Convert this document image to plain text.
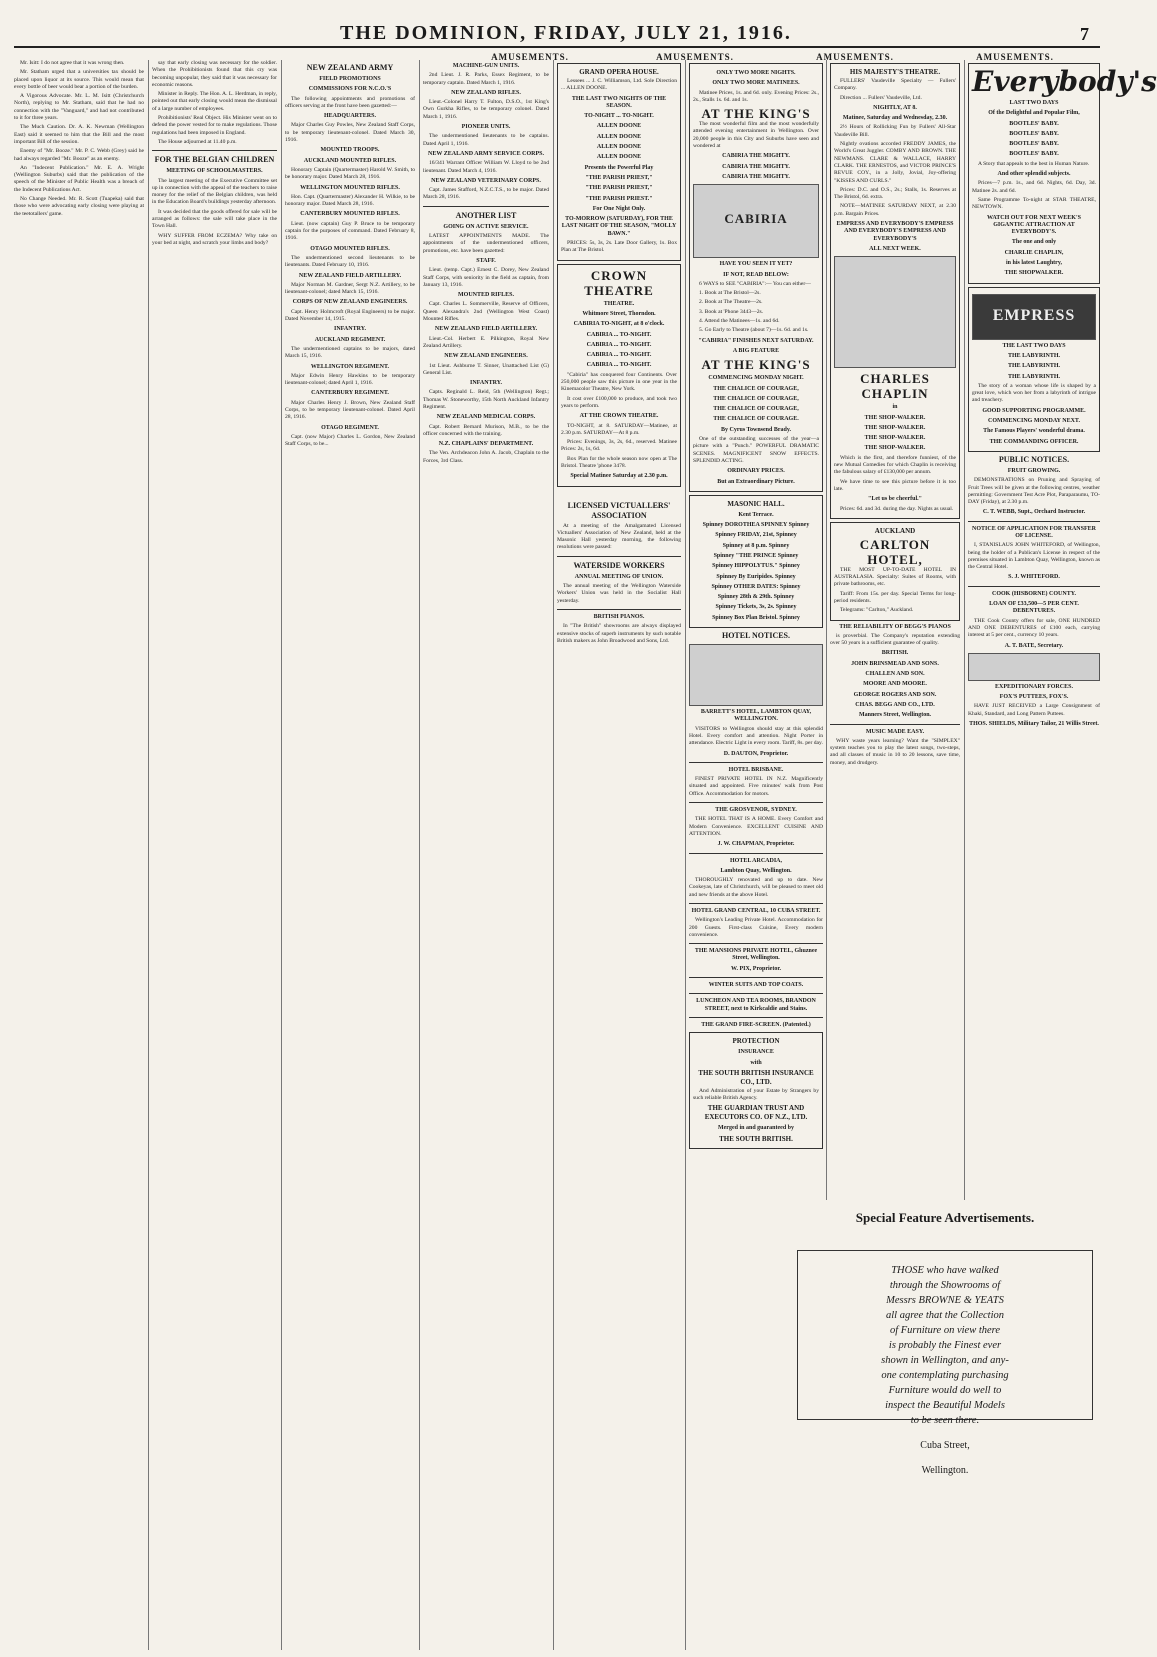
THE DOMINION, FRIDAY, JULY 21, 1916.	7
AMUSEMENTS.	AMUSEMENTS.	AMUSEMENTS.	AMUSEMENTS.

Mr. Isitt: I do not agree that it was wrong then.

Mr. Statham urged that a universities tax should be placed upon liquor at its source. This would mean that every bottle of beer would bear a portion of the burden.

A Vigorous Advocate. Mr. L. M. Isitt (Christchurch North), replying to Mr. Statham, said that he had no connection with the "Vanguard," and had not contributed to it for three years.

The Much Caution. Dr. A. K. Newman (Wellington East) said it seemed to him that the Bill and the most important Bill of the session.

Enemy of "Mr. Booze." Mr. P. C. Webb (Grey) said he had always regarded "Mr. Booze" as an enemy.

An "Indecent Publication." Mr. E. A. Wright (Wellington Suburbs) said that the publication of the speech of the Minister of Public Health was a breach of the Indecent Publications Act.

No Change Needed. Mr. R. Scott (Tuapeka) said that those who were advocating early closing were playing at the teetotallers' game.

say that early closing was necessary for the soldier. When the Prohibitionists found that this cry was becoming unpopular, they said that it was necessary for economic reasons.

Minister in Reply. The Hon. A. L. Herdman, in reply, pointed out that early closing would mean the dismissal of a large number of employees.

Prohibitionists' Real Object. His Minister went on to defend the power vested for to make regulations. Those regulations had been imposed in England.

The House adjourned at 11.40 p.m.

FOR THE BELGIAN CHILDREN
MEETING OF SCHOOLMASTERS.

The largest meeting of the Executive Committee set up in connection with the appeal of the teachers to raise money for the relief of the Belgian children, was held in the Education Board's buildings yesterday afternoon.

It was decided that the goods offered for sale will be arranged as follows: the sale will take place in the Town Hall.

WHY SUFFER FROM ECZEMA? Why take on your bed at night, and scratch your limbs and body?

NEW ZEALAND ARMY
FIELD PROMOTIONS
COMMISSIONS FOR N.C.O.'S

The following appointments and promotions of officers serving at the front have been gazetted:—

HEADQUARTERS.

Major Charles Guy Powles, New Zealand Staff Corps, to be temporary lieutenant-colonel. Dated March 30, 1916.

MOUNTED TROOPS.
AUCKLAND MOUNTED RIFLES.

Honorary Captain (Quartermaster) Harold W. Smith, to be honorary major. Dated March 28, 1916.

WELLINGTON MOUNTED RIFLES.

Hon. Capt. (Quartermaster) Alexander H. Wilkie, to be honorary major. Dated March 28, 1916.

CANTERBURY MOUNTED RIFLES.

Lieut. (now captain) Guy P. Bruce to be temporary captain for the purposes of command. Dated February 8, 1916.

OTAGO MOUNTED RIFLES.

The undermentioned second lieutenants to be lieutenants. Dated February 10, 1916.

NEW ZEALAND FIELD ARTILLERY.

Major Norman M. Gardner, Sergt N.Z. Artillery, to be lieutenant-colonel; dated March 15, 1916.

CORPS OF NEW ZEALAND ENGINEERS.

Capt. Henry Holmcroft (Royal Engineers) to be major. Dated November 14, 1915.

INFANTRY.
AUCKLAND REGIMENT.

The undermentioned captains to be majors, dated March 15, 1916.

WELLINGTON REGIMENT.

Major Edwin Henry Hawkins to be temporary lieutenant-colonel; dated April 1, 1916.

CANTERBURY REGIMENT.

Major Charles Henry J. Brown, New Zealand Staff Corps, to be temporary lieutenant-colonel. Dated April 28, 1916.

OTAGO REGIMENT.

Capt. (now Major) Charles L. Gordon, New Zealand Staff Corps, to be...

MACHINE-GUN UNITS.

2nd Lieut. J. R. Parks, Essex Regiment, to be temporary captain. Dated March 1, 1916.

NEW ZEALAND RIFLES.

Lieut.-Colonel Harry T. Fulton, D.S.O., 1st King's Own Gurkha Rifles, to be temporary colonel. Dated March 1, 1916.

PIONEER UNITS.

The undermentioned lieutenants to be captains. Dated April 1, 1916.

NEW ZEALAND ARMY SERVICE CORPS.

16/341 Warrant Officer William W. Lloyd to be 2nd lieutenant. Dated March 4, 1916.

NEW ZEALAND VETERINARY CORPS.

Capt. James Stafford, N.Z.C.T.S., to be major. Dated March 28, 1916.

ANOTHER LIST
GOING ON ACTIVE SERVICE.

LATEST APPOINTMENTS MADE. The appointments of the undermentioned officers, promotions, etc. have been gazetted:

STAFF.

Lieut. (temp. Capt.) Ernest C. Dorey, New Zealand Staff Corps, with seniority in the field as captain, from January 13, 1916.

MOUNTED RIFLES.

Capt. Charles L. Sommerville, Reserve of Officers, Queen Alexandra's 2nd (Wellington West Coast) Mounted Rifles.

NEW ZEALAND FIELD ARTILLERY.

Lieut.-Col. Herbert E. Pilkington, Royal New Zealand Artillery.

NEW ZEALAND ENGINEERS.

1st Lieut. Ashburne T. Sinner, Unattached List (G) General List.

INFANTRY.

Capts. Reginald L. Reid, 5th (Wellington) Regt.; Thomas W. Stoneworthy, 15th North Auckland Infantry Regiment.

NEW ZEALAND MEDICAL CORPS.

Capt. Robert Bernard Murison, M.B., to be the officer concerned with the training.

N.Z. CHAPLAINS' DEPARTMENT.

The Ven. Archdeacon John A. Jacob, Chaplain to the Forces, 3rd Class.

GRAND OPERA HOUSE.

Lessees ... J. C. Williamson, Ltd. Sole Direction ... ALLEN DOONE.

THE LAST TWO NIGHTS OF THE SEASON.
TO-NIGHT ... TO-NIGHT.
ALLEN DOONE
ALLEN DOONE
ALLEN DOONE
ALLEN DOONE
Presents the Powerful Play
"THE PARISH PRIEST,"
"THE PARISH PRIEST,"
"THE PARISH PRIEST."
For One Night Only.
TO-MORROW (SATURDAY), FOR THE LAST NIGHT OF THE SEASON, "MOLLY BAWN."

PRICES: 5s, 3s, 2s. Late Door Gallery, 1s. Box Plan at The Bristol.

CROWN THEATRE
THEATRE.
Whitmore Street, Thorndon.
CABIRIA TO-NIGHT, at 8 o'clock.
CABIRIA ... TO-NIGHT.
CABIRIA ... TO-NIGHT.
CABIRIA ... TO-NIGHT.
CABIRIA ... TO-NIGHT.

"Cabiria" has conquered four Continents. Over 250,000 people saw this picture in one year in the Kinemacolor Theatre, New York.

It cost over £100,000 to produce, and took two years to perform.

AT THE CROWN THEATRE.

TO-NIGHT, at 8. SATURDAY—Matinee, at 2.30 p.m. SATURDAY—At 8 p.m.

Prices: Evenings, 3s, 2s, 6d., reserved. Matinee Prices: 2s, 1s, 6d.

Box Plan for the whole season now open at The Bristol. Theatre 'phone 3478.

Special Matinee Saturday at 2.30 p.m.
LICENSED VICTUALLERS' ASSOCIATION

At a meeting of the Amalgamated Licensed Victuallers' Association of New Zealand, held at the Masonic Hall yesterday morning, the following resolutions were passed:

WATERSIDE WORKERS
ANNUAL MEETING OF UNION.

The annual meeting of the Wellington Waterside Workers' Union was held in the Socialist Hall yesterday.

BRITISH PIANOS.

In "The British" showrooms are always displayed extensive stocks of superb instruments by such notable British makers as John Broadwood and Sons, Ltd.

ONLY TWO MORE NIGHTS.
ONLY TWO MORE MATINEES.

Matinee Prices, 1s. and 6d. only. Evening Prices: 2s., 2s., Stalls 1s. 6d. and 1s.

AT THE KING'S

The most wonderful film and the most wonderfully attended evening entertainment in Wellington. Over 20,000 people in this City and Suburbs have seen and wondered at

CABIRIA THE MIGHTY.
CABIRIA THE MIGHTY.
CABIRIA THE MIGHTY.
CABIRIA
HAVE YOU SEEN IT YET?
IF NOT, READ BELOW:

6 WAYS to SEE "CABIRIA":— You can either—

1. Book at The Bristol—2s.

2. Book at The Theatre—2s.

3. Book at 'Phone 3443—2s.

4. Attend the Matinees—1s. and 6d.

5. Go Early to Theatre (about 7)—1s. 6d. and 1s.

"CABIRIA" FINISHES NEXT SATURDAY.
A BIG FEATURE
AT THE KING'S
COMMENCING MONDAY NIGHT.
THE CHALICE OF COURAGE,
THE CHALICE OF COURAGE,
THE CHALICE OF COURAGE,
THE CHALICE OF COURAGE.
By Cyrus Townsend Brady.

One of the outstanding successes of the year—a picture with a "Punch." POWERFUL DRAMATIC SCENES. MAGNIFICENT SNOW EFFECTS. SPLENDID ACTING.

ORDINARY PRICES.
But an Extraordinary Picture.
MASONIC HALL.
Kent Terrace.
Spinney DOROTHEA SPINNEY Spinney
Spinney FRIDAY, 21st, Spinney
Spinney at 8 p.m. Spinney
Spinney "THE PRINCE Spinney
Spinney HIPPOLYTUS." Spinney
Spinney By Euripides. Spinney
Spinney OTHER DATES: Spinney
Spinney 28th & 29th. Spinney
Spinney Tickets, 3s, 2s. Spinney
Spinney Box Plan Bristol. Spinney
HOTEL NOTICES.
BARRETT'S HOTEL, LAMBTON QUAY, WELLINGTON.

VISITORS to Wellington should stay at this splendid Hotel. Every comfort and attention. Night Porter in attendance. Electric Light in every room. Tariff, 8s. per day.

D. DAUTON, Proprietor.
HOTEL BRISBANE.

FINEST PRIVATE HOTEL IN N.Z. Magnificently situated and appointed. Five minutes' walk from Post Office. Accommodation for motors.

THE GROSVENOR, SYDNEY.

THE HOTEL THAT IS A HOME. Every Comfort and Modern Convenience. EXCELLENT CUISINE AND ATTENTION.

J. W. CHAPMAN, Proprietor.
HOTEL ARCADIA,
Lambton Quay, Wellington.

THOROUGHLY renovated and up to date. New Cookeyas, late of Christchurch, will be pleased to meet old and new friends at the above Hotel.

HOTEL GRAND CENTRAL, 10 CUBA STREET.

Wellington's Leading Private Hotel. Accommodation for 200 Guests. First-class Cuisine, Every modern convenience.

THE MANSIONS PRIVATE HOTEL, Ghuznee Street, Wellington.
W. PIX, Proprietor.
WINTER SUITS AND TOP COATS.
LUNCHEON AND TEA ROOMS, BRANDON STREET, next to Kirkcaldie and Stains.
THE GRAND FIRE-SCREEN. (Patented.)
PROTECTION
INSURANCE
with
THE SOUTH BRITISH INSURANCE CO., LTD.

And Administration of your Estate by Strangers by such reliable British Agency.

THE GUARDIAN TRUST AND EXECUTORS CO. OF N.Z., LTD.
Merged in and guaranteed by
THE SOUTH BRITISH.
HIS MAJESTY'S THEATRE.

FULLERS' Vaudeville Specialty — Fullers' Company.

Direction ... Fullers' Vaudeville, Ltd.

NIGHTLY, AT 8.
Matinee, Saturday and Wednesday, 2.30.

2½ Hours of Rollicking Fun by Fullers' All-Star Vaudeville Bill.

Nightly ovations accorded FREDDY JAMES, the World's Great Juggler. COMBY AND BROWN. THE NEWMANS. CLARE & WALLACE, HARRY CLARK. THE ERNESTOS, and VICTOR PRINCE'S REVUE COY., in a Jolly, Jovial, Joy-offering "KISSES AND CURLS."

Prices: D.C. and O.S., 2s.; Stalls, 1s. Reserves at The Bristol, 6d. extra.

NOTE—MATINEE SATURDAY NEXT, at 2.30 p.m. Bargain Prices.

EMPRESS AND EVERYBODY'S EMPRESS AND EVERYBODY'S EMPRESS AND EVERYBODY'S
ALL NEXT WEEK.
CHARLES CHAPLIN
in
THE SHOP-WALKER.
THE SHOP-WALKER.
THE SHOP-WALKER.
THE SHOP-WALKER.

Which is the first, and therefore funniest, of the new Mutual Comedies for which Chaplin is receiving the fabulous salary of £130,000 per annum.

We have time to see this picture before it is too late.

"Let us be cheerful."

Prices: 6d. and 3d. during the day. Nights as usual.

AUCKLAND
CARLTON HOTEL,

THE MOST UP-TO-DATE HOTEL IN AUSTRALASIA. Specialty: Suites of Rooms, with private bathrooms, etc.

Tariff: From 15s. per day. Special Terms for long-period residents.

Telegrams: "Carlton," Auckland.

THE RELIABILITY OF BEGG'S PIANOS

is proverbial. The Company's reputation extending over 50 years is a sufficient guarantee of quality.

BRITISH.
JOHN BRINSMEAD AND SONS.
CHALLEN AND SON.
MOORE AND MOORE.
GEORGE ROGERS AND SON.
CHAS. BEGG AND CO., LTD.
Manners Street, Wellington.
MUSIC MADE EASY.

WHY waste years learning? Want the "SIMPLEX" system teaches you to play the latest songs, two-steps, and all classes of music in 10 to 20 lessons, save time, money, and drudgery.

Everybody's
LAST TWO DAYS
Of the Delightful and Popular Film,
BOOTLES' BABY.
BOOTLES' BABY.
BOOTLES' BABY.
BOOTLES' BABY.

A Story that appeals to the best in Human Nature.

And other splendid subjects.

Prices—7 p.m. 1s., and 6d. Nights, 6d. Day, 3d. Matinee 2s. and 6d.

Same Programme To-night at STAR THEATRE, NEWTOWN.

WATCH OUT FOR NEXT WEEK'S GIGANTIC ATTRACTION AT EVERYBODY'S.
The one and only
CHARLIE CHAPLIN,
in his latest Laughtry,
THE SHOPWALKER.
EMPRESS
THE LAST TWO DAYS
THE LABYRINTH.
THE LABYRINTH.
THE LABYRINTH.

The story of a woman whose life is shaped by a great love, which won her from a labyrinth of intrigue and treachery.

GOOD SUPPORTING PROGRAMME.
COMMENCING MONDAY NEXT.
The Famous Players' wonderful drama.
THE COMMANDING OFFICER.
PUBLIC NOTICES.
FRUIT GROWING.

DEMONSTRATIONS on Pruning and Spraying of Fruit Trees will be given at the following centres, weather permitting: Government Test Acre Plot, Paraparaumu, TO-DAY (Friday), at 2.30 p.m.

C. T. WEBB, Supt., Orchard Instructor.
NOTICE OF APPLICATION FOR TRANSFER OF LICENSE.

I, STANISLAUS JOHN WHITEFORD, of Wellington, being the holder of a Publican's License in respect of the premises situated in Lambton Quay, Wellington, known as the Central Hotel.

S. J. WHITEFORD.
COOK (HISBORNE) COUNTY.
LOAN OF £33,500—5 PER CENT. DEBENTURES.

THE Cook County offers for sale, ONE HUNDRED AND ONE DEBENTURES of £100 each, carrying interest at 5 per cent., currency 10 years.

A. T. BATE, Secretary.
EXPEDITIONARY FORCES.
FOX'S PUTTEES, FOX'S.

HAVE JUST RECEIVED a Large Consignment of Khaki, Standard, and Long Pattern Puttees.

THOS. SHIELDS, Military Tailor, 21 Willis Street.
Special Feature Advertisements.
THOSE who have walked
through the Showrooms of
Messrs BROWNE & YEATS
all agree that the Collection
of Furniture on view there
is probably the Finest ever
shown in Wellington, and any-
one contemplating purchasing
Furniture would do well to
inspect the Beautiful Models
to be seen there.
Cuba Street,
Wellington.
